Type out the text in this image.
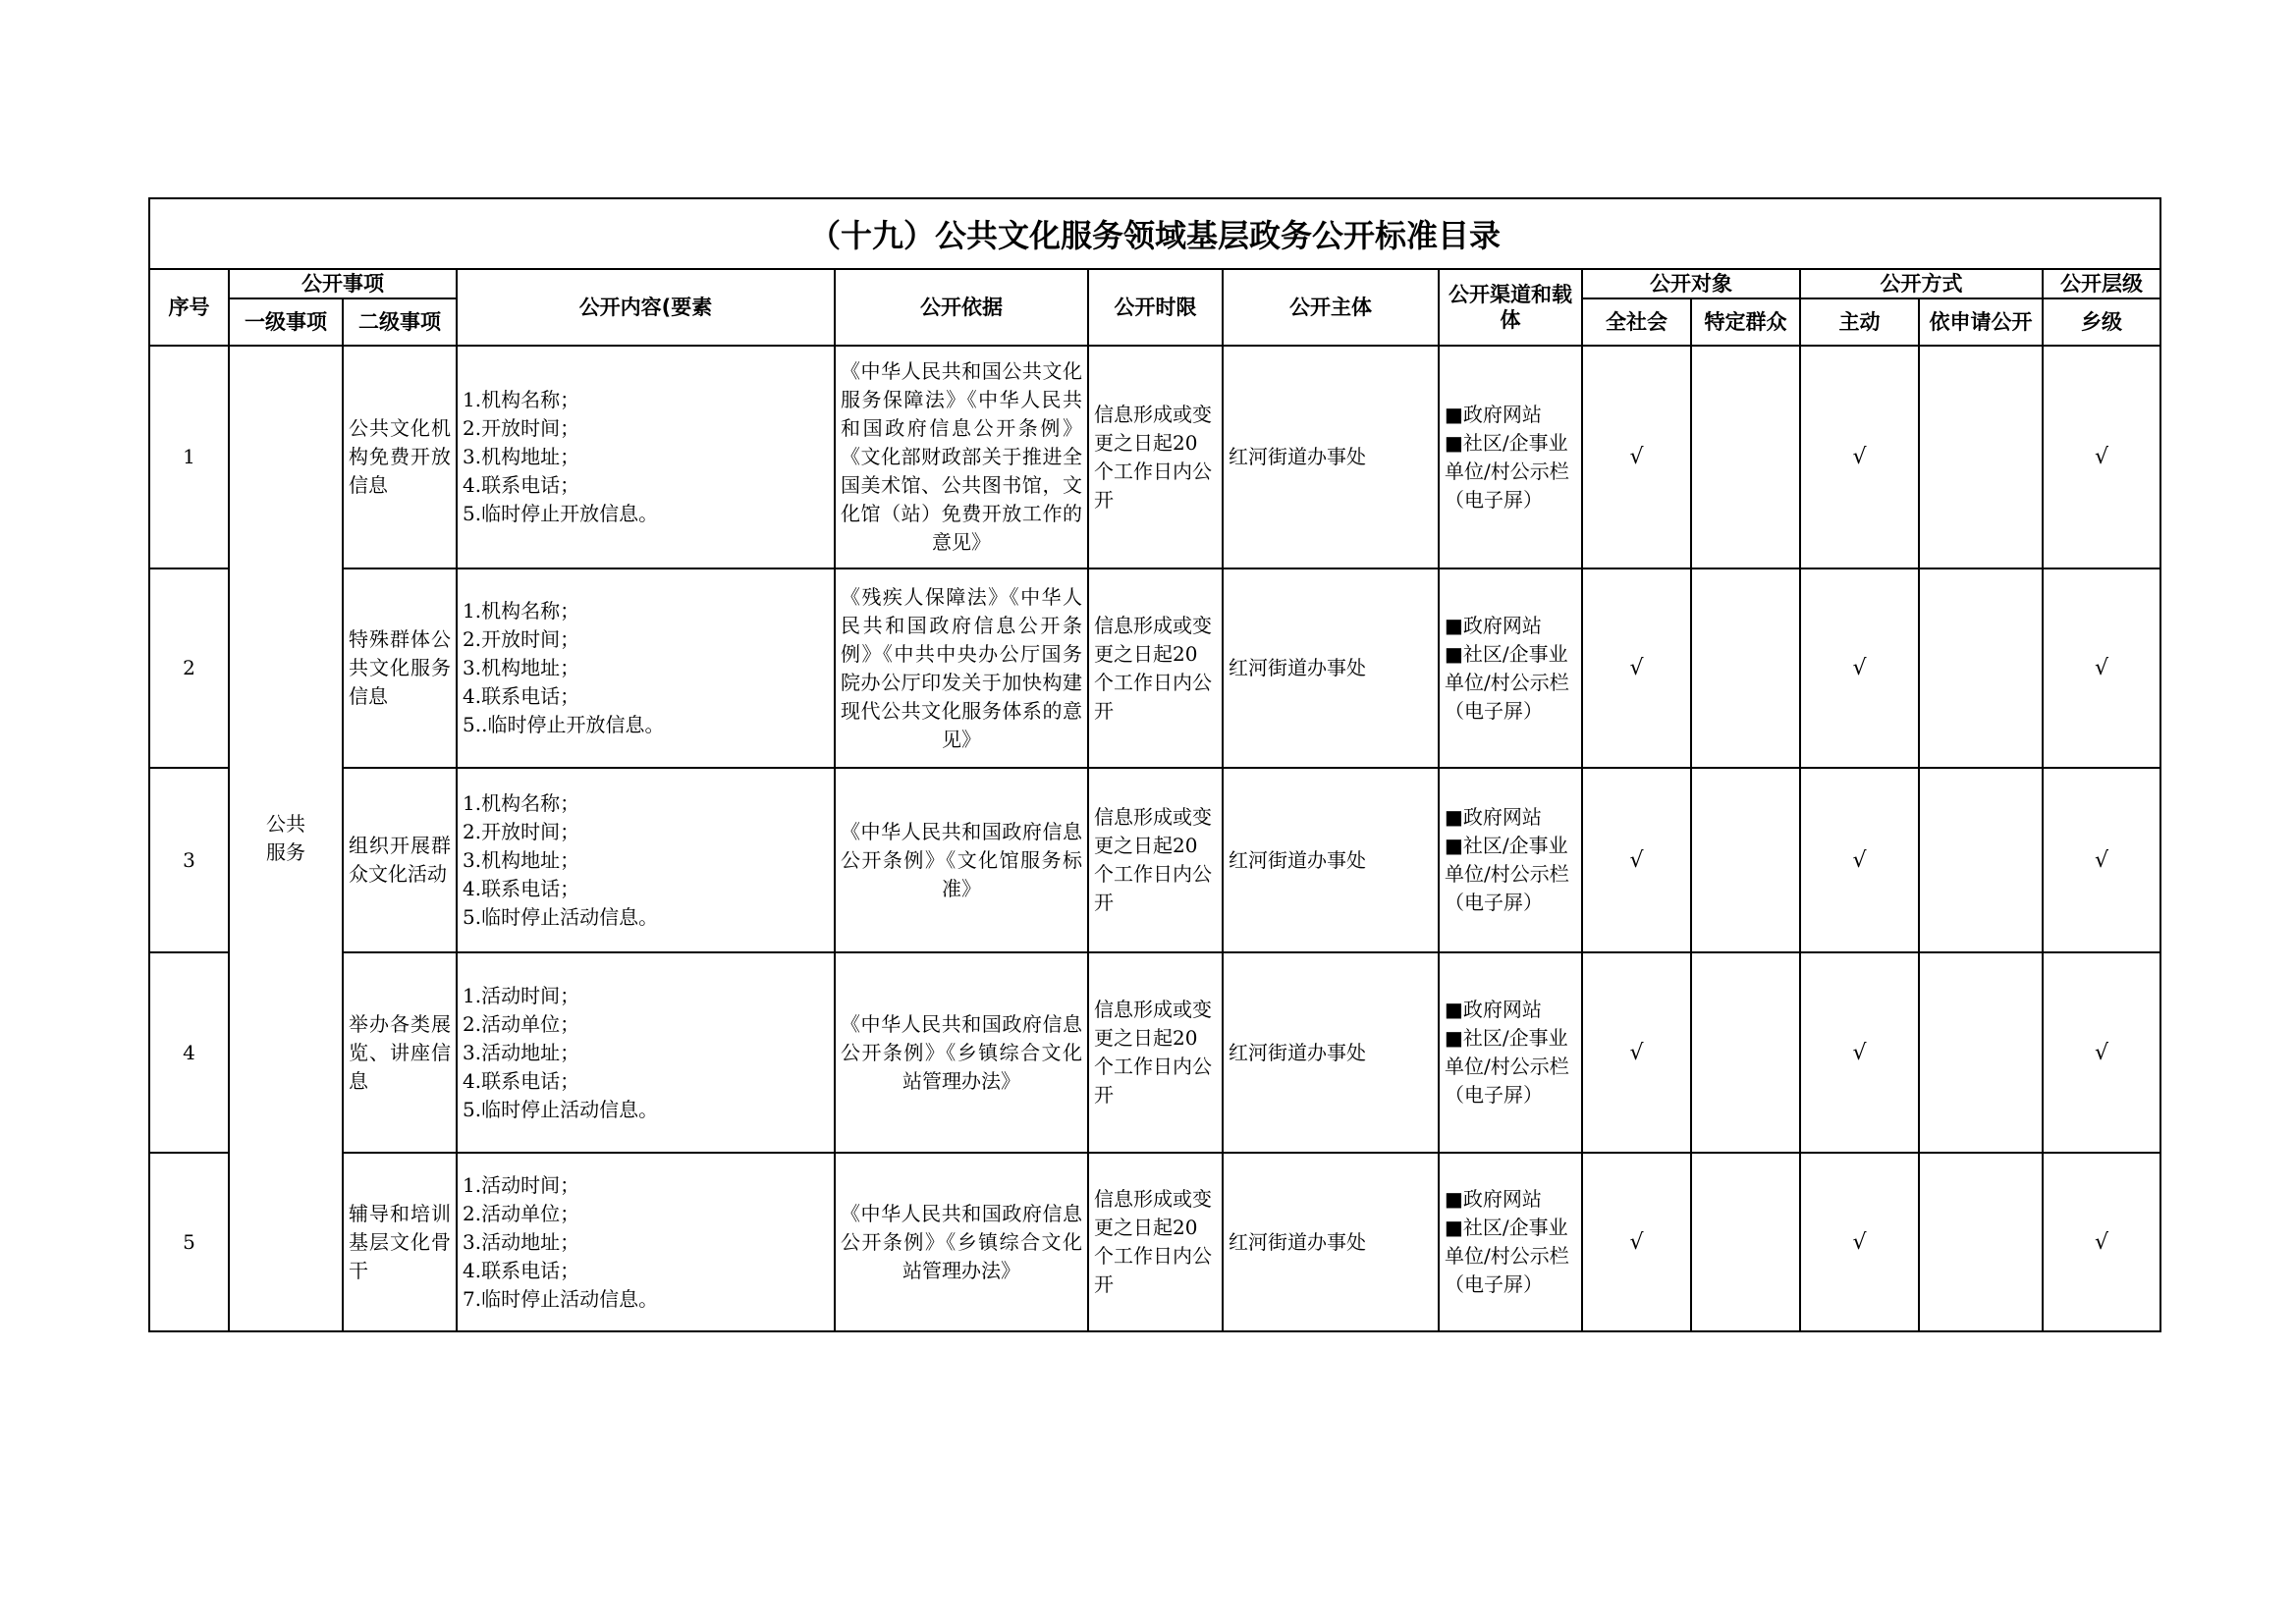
（十九）公共文化服务领域基层政务公开标准目录												
序号	公开事项		公开内容(要素	公开依据	公开时限	公开主体	公开渠道和载体	公开对象		公开方式		公开层级
	一级事项	二级事项						全社会	特定群众	主动	依申请公开	乡级
1	公共服务	公共文化机构免费开放信息	1.机构名称；
2.开放时间；
3.机构地址；
4.联系电话；
5.临时停止开放信息。	《中华人民共和国公共文化服务保障法》《中华人民共和国政府信息公开条例》《文化部财政部关于推进全国美术馆、公共图书馆，文化馆（站）免费开放工作的意见》	信息形成或变更之日起20个工作日内公开	红河街道办事处	■政府网站
■社区/企事业单位/村公示栏（电子屏）	√		√		√
2		特殊群体公共文化服务信息	1.机构名称；
2.开放时间；
3.机构地址；
4.联系电话；
5..临时停止开放信息。	《残疾人保障法》《中华人民共和国政府信息公开条例》《中共中央办公厅国务院办公厅印发关于加快构建现代公共文化服务体系的意见》	信息形成或变更之日起20个工作日内公开	红河街道办事处	■政府网站
■社区/企事业单位/村公示栏（电子屏）	√		√		√
3		组织开展群众文化活动	1.机构名称；
2.开放时间；
3.机构地址；
4.联系电话；
5.临时停止活动信息。	《中华人民共和国政府信息公开条例》《文化馆服务标准》	信息形成或变更之日起20个工作日内公开	红河街道办事处	■政府网站
■社区/企事业单位/村公示栏（电子屏）	√		√		√
4		举办各类展览、讲座信息	1.活动时间；
2.活动单位；
3.活动地址；
4.联系电话；
5.临时停止活动信息。	《中华人民共和国政府信息公开条例》《乡镇综合文化站管理办法》	信息形成或变更之日起20个工作日内公开	红河街道办事处	■政府网站
■社区/企事业单位/村公示栏（电子屏）	√		√		√
5		辅导和培训基层文化骨干	1.活动时间；
2.活动单位；
3.活动地址；
4.联系电话；
7.临时停止活动信息。	《中华人民共和国政府信息公开条例》《乡镇综合文化站管理办法》	信息形成或变更之日起20个工作日内公开	红河街道办事处	■政府网站
■社区/企事业单位/村公示栏（电子屏）	√		√		√
